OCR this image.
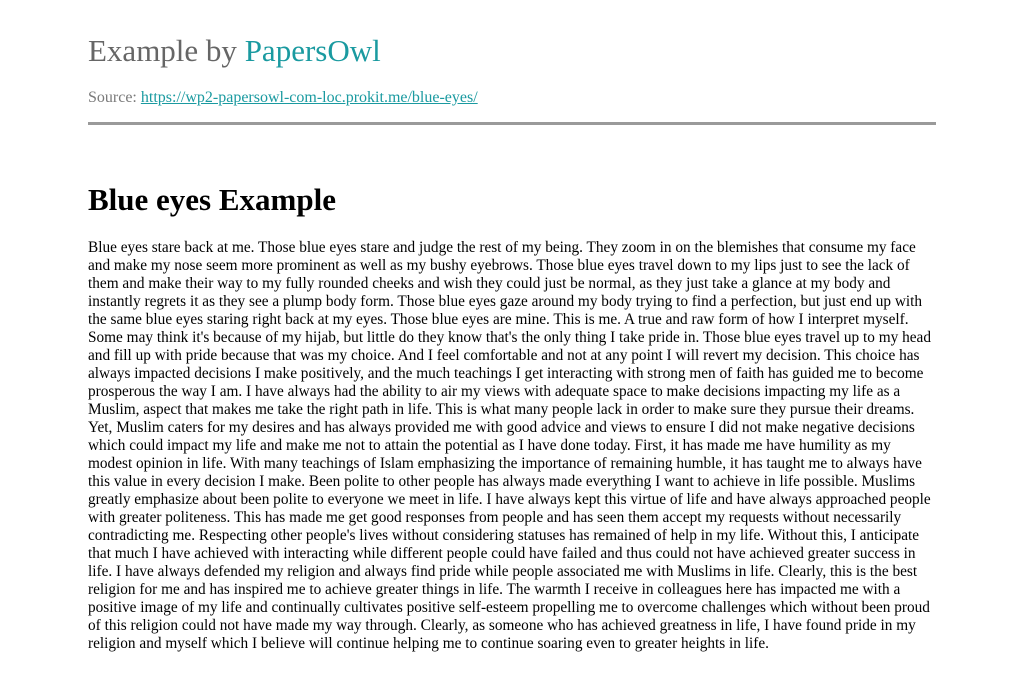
Example by PapersOwl
Source: https://wp2-papersowl-com-loc.prokit.me/blue-eyes/
Blue eyes Example

Blue eyes stare back at me. Those blue eyes stare and judge the rest of my being. They zoom in on the blemishes that consume my face and make my nose seem more prominent as well as my bushy eyebrows. Those blue eyes travel down to my lips just to see the lack of them and make their way to my fully rounded cheeks and wish they could just be normal, as they just take a glance at my body and instantly regrets it as they see a plump body form. Those blue eyes gaze around my body trying to find a perfection, but just end up with the same blue eyes staring right back at my eyes. Those blue eyes are mine. This is me. A true and raw form of how I interpret myself. Some may think it's because of my hijab, but little do they know that's the only thing I take pride in. Those blue eyes travel up to my head and fill up with pride because that was my choice. And I feel comfortable and not at any point I will revert my decision. This choice has always impacted decisions I make positively, and the much teachings I get interacting with strong men of faith has guided me to become prosperous the way I am. I have always had the ability to air my views with adequate space to make decisions impacting my life as a Muslim, aspect that makes me take the right path in life. This is what many people lack in order to make sure they pursue their dreams. Yet, Muslim caters for my desires and has always provided me with good advice and views to ensure I did not make negative decisions which could impact my life and make me not to attain the potential as I have done today. First, it has made me have humility as my modest opinion in life. With many teachings of Islam emphasizing the importance of remaining humble, it has taught me to always have this value in every decision I make. Been polite to other people has always made everything I want to achieve in life possible. Muslims greatly emphasize about been polite to everyone we meet in life. I have always kept this virtue of life and have always approached people with greater politeness. This has made me get good responses from people and has seen them accept my requests without necessarily contradicting me. Respecting other people's lives without considering statuses has remained of help in my life. Without this, I anticipate that much I have achieved with interacting while different people could have failed and thus could not have achieved greater success in life. I have always defended my religion and always find pride while people associated me with Muslims in life. Clearly, this is the best religion for me and has inspired me to achieve greater things in life. The warmth I receive in colleagues here has impacted me with a positive image of my life and continually cultivates positive self-esteem propelling me to overcome challenges which without been proud of this religion could not have made my way through. Clearly, as someone who has achieved greatness in life, I have found pride in my religion and myself which I believe will continue helping me to continue soaring even to greater heights in life.
